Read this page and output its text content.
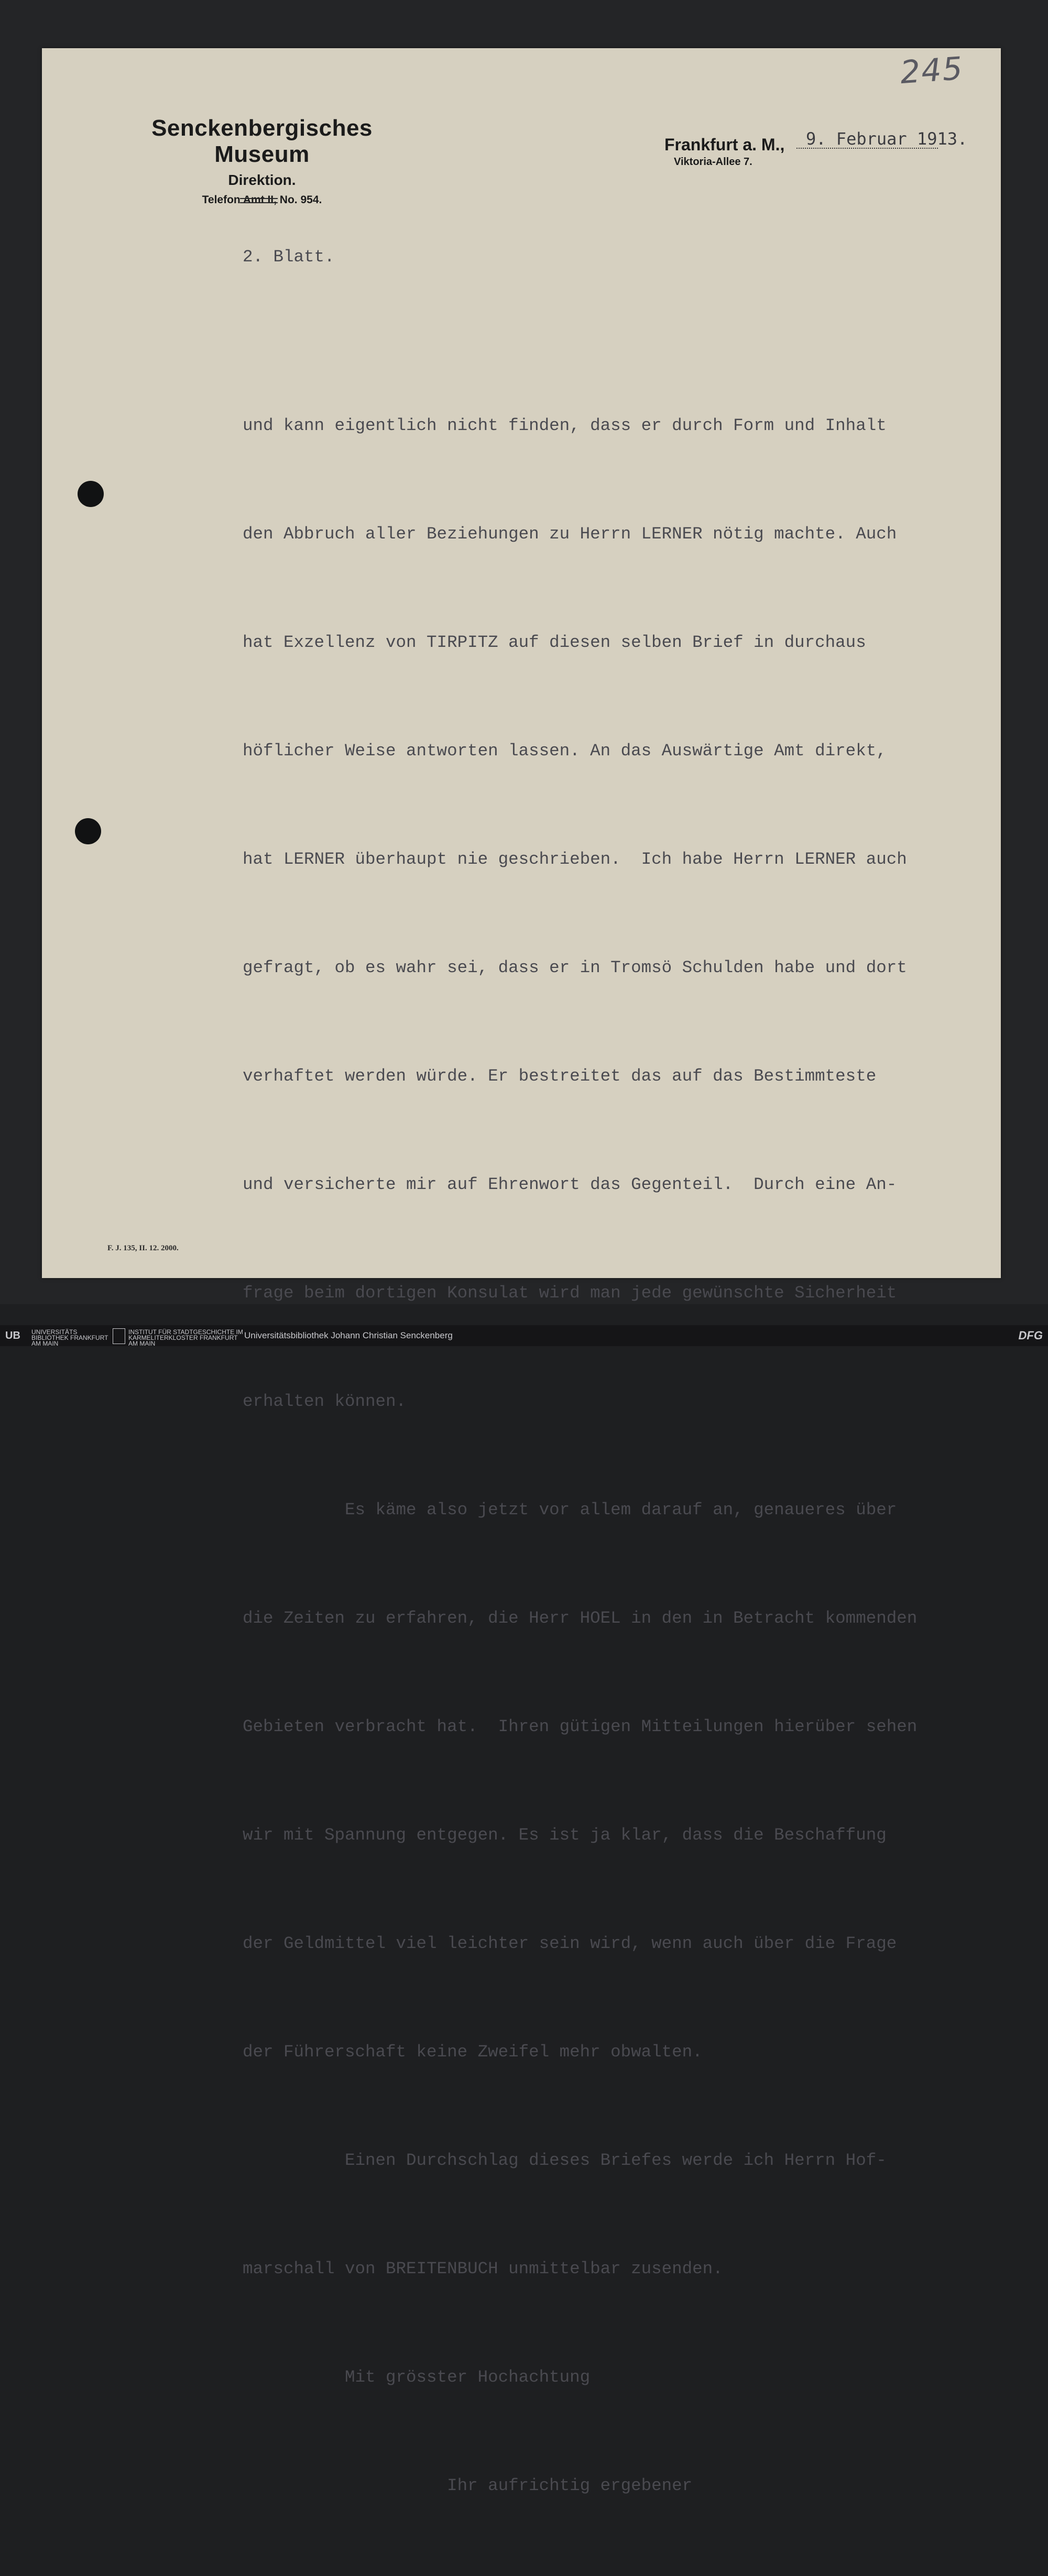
245
Senckenbergisches Museum
Direktion.
Telefon Amt II, No. 954.
Frankfurt a. M., 9. Februar 1913.
Viktoria-Allee 7.
2. Blatt.

und kann eigentlich nicht finden, dass er durch Form und Inhalt

den Abbruch aller Beziehungen zu Herrn LERNER nötig machte. Auch

hat Exzellenz von TIRPITZ auf diesen selben Brief in durchaus

höflicher Weise antworten lassen. An das Auswärtige Amt direkt,

hat LERNER überhaupt nie geschrieben.  Ich habe Herrn LERNER auch

gefragt, ob es wahr sei, dass er in Tromsö Schulden habe und dort

verhaftet werden würde. Er bestreitet das auf das Bestimmteste

und versicherte mir auf Ehrenwort das Gegenteil.  Durch eine An-

frage beim dortigen Konsulat wird man jede gewünschte Sicherheit

erhalten können.

Es käme also jetzt vor allem darauf an, genaueres über

die Zeiten zu erfahren, die Herr HOEL in den in Betracht kommenden

Gebieten verbracht hat.  Ihren gütigen Mitteilungen hierüber sehen

wir mit Spannung entgegen. Es ist ja klar, dass die Beschaffung

der Geldmittel viel leichter sein wird, wenn auch über die Frage

der Führerschaft keine Zweifel mehr obwalten.

Einen Durchschlag dieses Briefes werde ich Herrn Hof-

marschall von BREITENBUCH unmittelbar zusenden.

Mit grösster Hochachtung

Ihr aufrichtig ergebener

F. J. 135, II. 12. 2000.
UB UNIVERSITÄTS BIBLIOTHEK FRANKFURT AM MAIN
INSTITUT FÜR STADTGESCHICHTE IM KARMELITERKLOSTER FRANKFURT AM MAIN
Universitätsbibliothek Johann Christian Senckenberg	DFG
